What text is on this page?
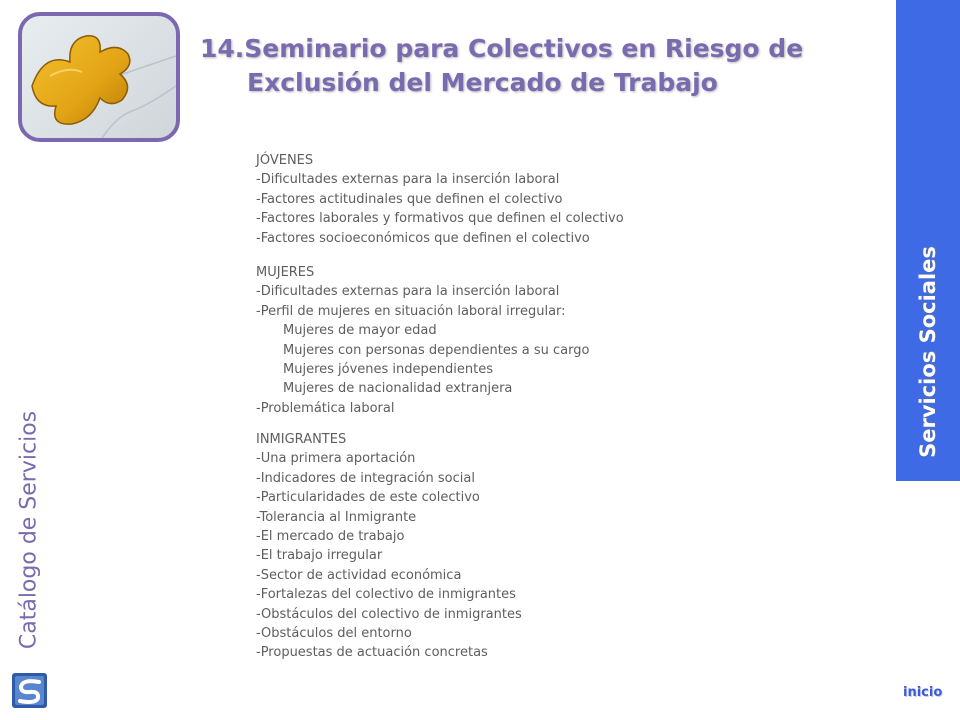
14.Seminario para Colectivos en Riesgo de
Exclusión del Mercado de Trabajo
JÓVENES
-Dificultades externas para la inserción laboral
-Factores actitudinales que definen el colectivo
-Factores laborales y formativos que definen el colectivo
-Factores socioeconómicos que definen el colectivo
MUJERES
-Dificultades externas para la inserción laboral
-Perfil de mujeres en situación laboral irregular:
Mujeres de mayor edad
Mujeres con personas dependientes a su cargo
Mujeres jóvenes independientes
Mujeres de nacionalidad extranjera
-Problemática laboral
INMIGRANTES
-Una primera aportación
-Indicadores de integración social
-Particularidades de este colectivo
-Tolerancia al Inmigrante
-El mercado de trabajo
-El trabajo irregular
-Sector de actividad económica
-Fortalezas del colectivo de inmigrantes
-Obstáculos del colectivo de inmigrantes
-Obstáculos del entorno
-Propuestas de actuación concretas
Servicios Sociales
Catálogo de Servicios
inicio
